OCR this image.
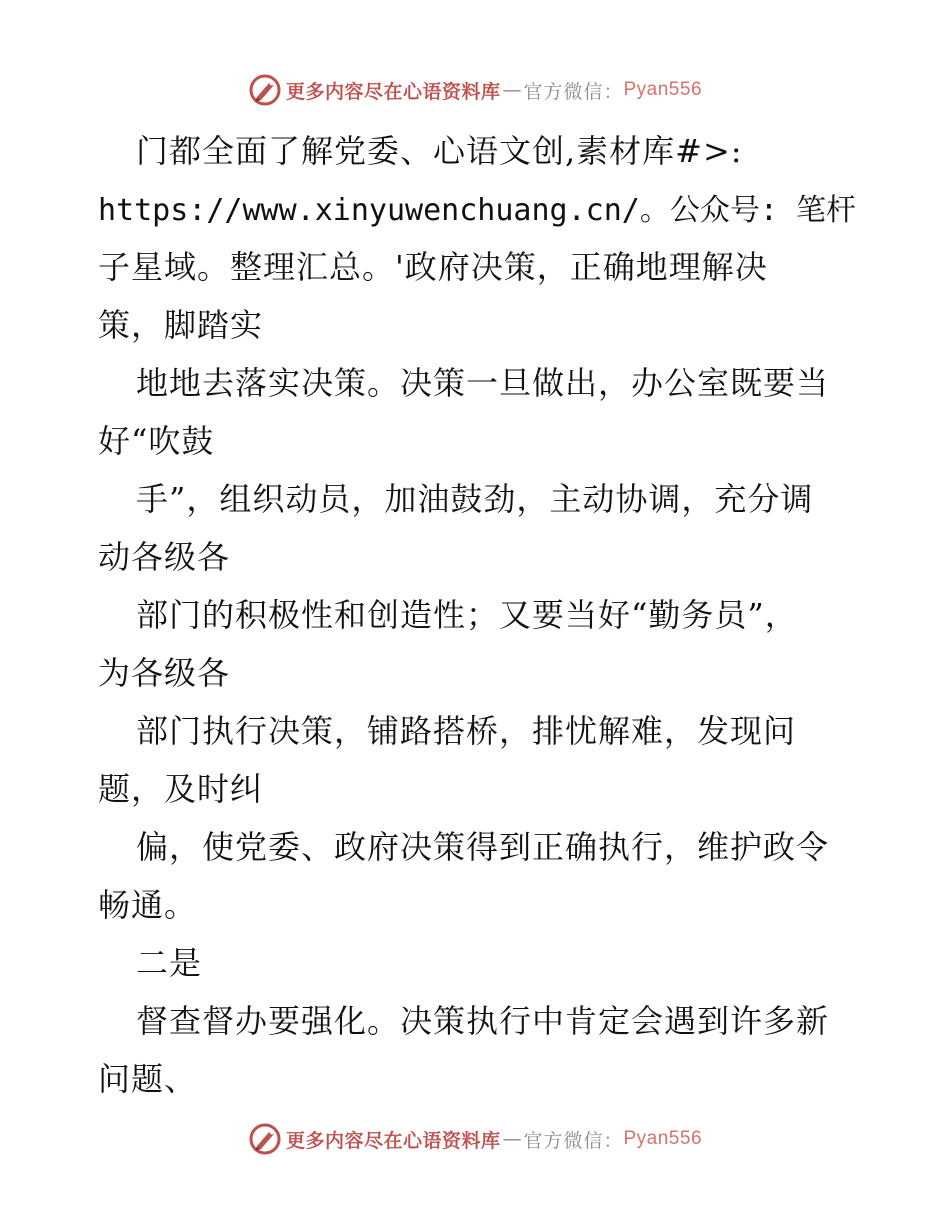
更多内容尽在心语资料库 — 官方微信： Pyan556
门都全面了解党委、心语文创,素材库#>:
https://www.xinyuwenchuang.cn/。公众号: 笔杆
子星域。整理汇总。'政府决策，正确地理解决
策，脚踏实
地地去落实决策。决策一旦做出，办公室既要当
好“吹鼓
手”，组织动员，加油鼓劲，主动协调，充分调
动各级各
部门的积极性和创造性；又要当好“勤务员”，
为各级各
部门执行决策，铺路搭桥，排忧解难，发现问
题，及时纠
偏，使党委、政府决策得到正确执行，维护政令
畅通。
二是
督查督办要强化。决策执行中肯定会遇到许多新
问题、
更多内容尽在心语资料库 — 官方微信： Pyan556
